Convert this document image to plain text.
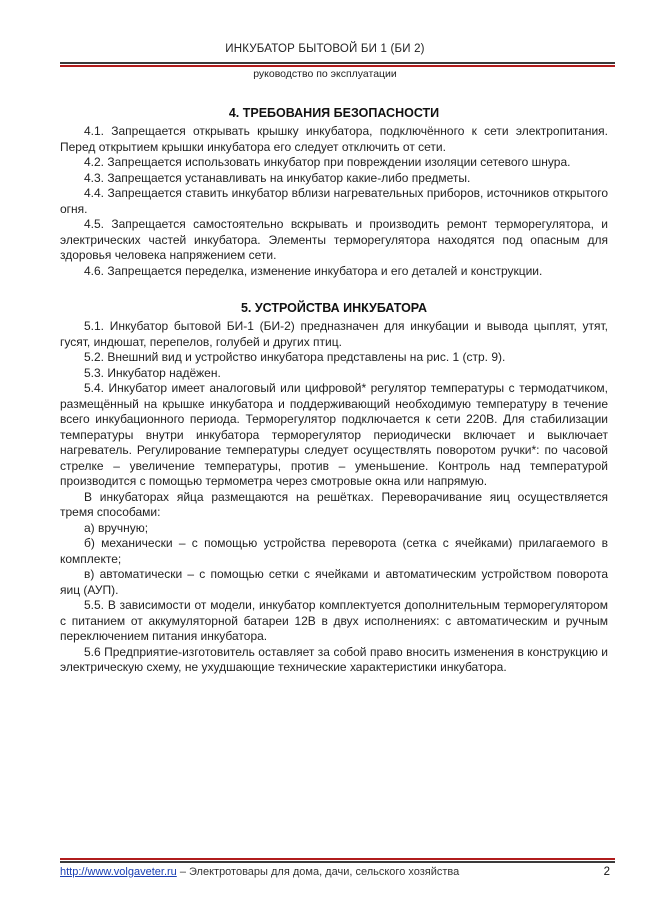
ИНКУБАТОР БЫТОВОЙ БИ 1 (БИ 2)
руководство по эксплуатации
4. ТРЕБОВАНИЯ БЕЗОПАСНОСТИ

4.1. Запрещается открывать крышку инкубатора, подключённого к сети электропитания. Перед открытием крышки инкубатора его следует отключить от сети.

4.2. Запрещается использовать инкубатор при повреждении изоляции сетевого шнура.

4.3. Запрещается устанавливать на инкубатор какие-либо предметы.

4.4. Запрещается ставить инкубатор вблизи нагревательных приборов, источников открытого огня.

4.5. Запрещается самостоятельно вскрывать и производить ремонт терморегулятора, и электрических частей инкубатора. Элементы терморегулятора находятся под опасным для здоровья человека напряжением сети.

4.6. Запрещается переделка, изменение инкубатора и его деталей и конструкции.

5. УСТРОЙСТВА ИНКУБАТОРА

5.1. Инкубатор бытовой БИ-1 (БИ-2) предназначен для инкубации и вывода цыплят, утят, гусят, индюшат, перепелов, голубей и других птиц.

5.2. Внешний вид и устройство инкубатора представлены на рис. 1 (стр. 9).

5.3. Инкубатор надёжен.

5.4. Инкубатор имеет аналоговый или цифровой* регулятор температуры с термодатчиком, размещённый на крышке инкубатора и поддерживающий необходимую температуру в течение всего инкубационного периода. Терморегулятор подключается к сети 220В. Для стабилизации температуры внутри инкубатора терморегулятор периодически включает и выключает нагреватель. Регулирование температуры следует осуществлять поворотом ручки*: по часовой стрелке – увеличение температуры, против – уменьшение. Контроль над температурой производится с помощью термометра через смотровые окна или напрямую.

В инкубаторах яйца размещаются на решётках. Переворачивание яиц осуществляется тремя способами:

а) вручную;

б) механически – с помощью устройства переворота (сетка с ячейками) прилагаемого в комплекте;

в) автоматически – с помощью сетки с ячейками и автоматическим устройством поворота яиц (АУП).

5.5. В зависимости от модели, инкубатор комплектуется дополнительным терморегулятором с питанием от аккумуляторной батареи 12В в двух исполнениях: с автоматическим и ручным переключением питания инкубатора.

5.6 Предприятие-изготовитель оставляет за собой право вносить изменения в конструкцию и электрическую схему, не ухудшающие технические характеристики инкубатора.

http://www.volgaveter.ru – Электротовары для дома, дачи, сельского хозяйства	2
